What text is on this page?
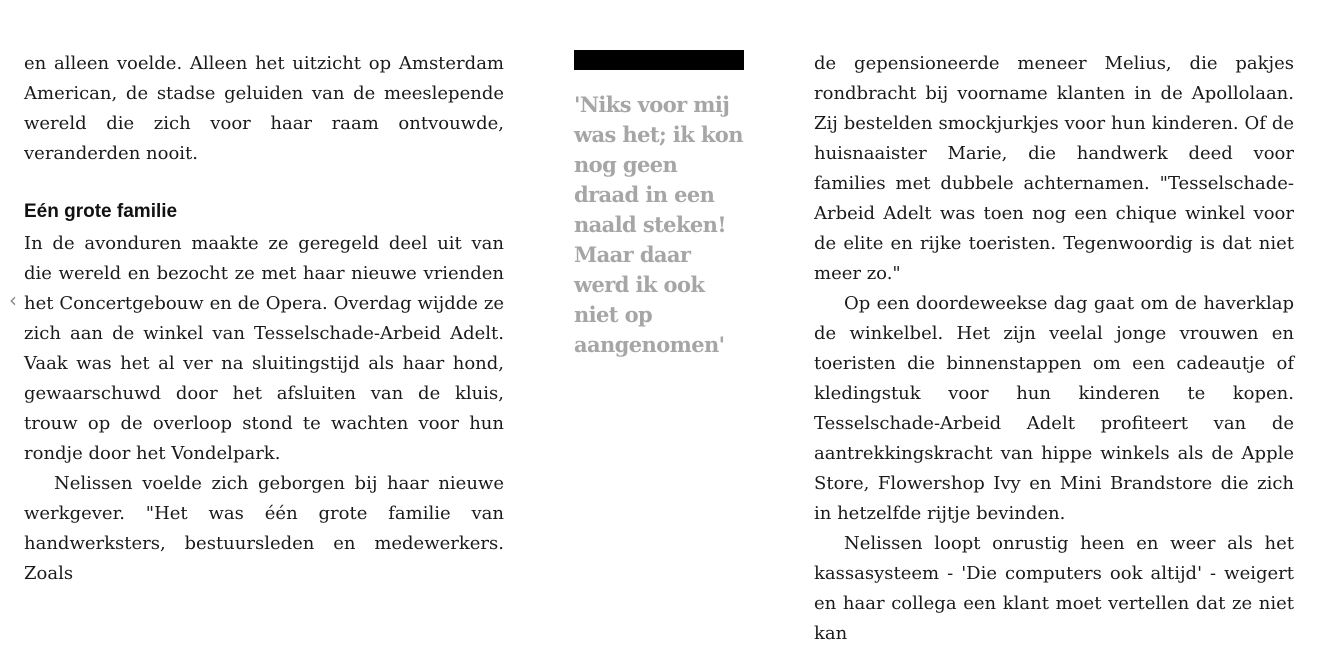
en alleen voelde. Alleen het uitzicht op Amsterdam American, de stadse geluiden van de meeslepende wereld die zich voor haar raam ontvouwde, veranderden nooit.

Eén grote familie

In de avonduren maakte ze geregeld deel uit van die wereld en bezocht ze met haar nieuwe vrienden het Concertgebouw en de Opera. Overdag wijdde ze zich aan de winkel van Tesselschade-Arbeid Adelt. Vaak was het al ver na sluitingstijd als haar hond, gewaarschuwd door het afsluiten van de kluis, trouw op de overloop stond te wachten voor hun rondje door het Vondelpark.

Nelissen voelde zich geborgen bij haar nieuwe werkgever. "Het was één grote familie van handwerksters, bestuursleden en medewerkers. Zoals

'Niks voor mij was het; ik kon nog geen draad in een naald steken! Maar daar werd ik ook niet op aangenomen'

de gepensioneerde meneer Melius, die pakjes rondbracht bij voorname klanten in de Apollolaan. Zij bestelden smockjurkjes voor hun kinderen. Of de huisnaaister Marie, die handwerk deed voor families met dubbele achternamen. "Tesselschade-Arbeid Adelt was toen nog een chique winkel voor de elite en rijke toeristen. Tegenwoordig is dat niet meer zo."

Op een doordeweekse dag gaat om de haverklap de winkelbel. Het zijn veelal jonge vrouwen en toeristen die binnenstappen om een cadeautje of kledingstuk voor hun kinderen te kopen. Tesselschade-Arbeid Adelt profiteert van de aantrekkingskracht van hippe winkels als de Apple Store, Flowershop Ivy en Mini Brandstore die zich in hetzelfde rijtje bevinden.

Nelissen loopt onrustig heen en weer als het kassasysteem - 'Die computers ook altijd' - weigert en haar collega een klant moet vertellen dat ze niet kan

‹
